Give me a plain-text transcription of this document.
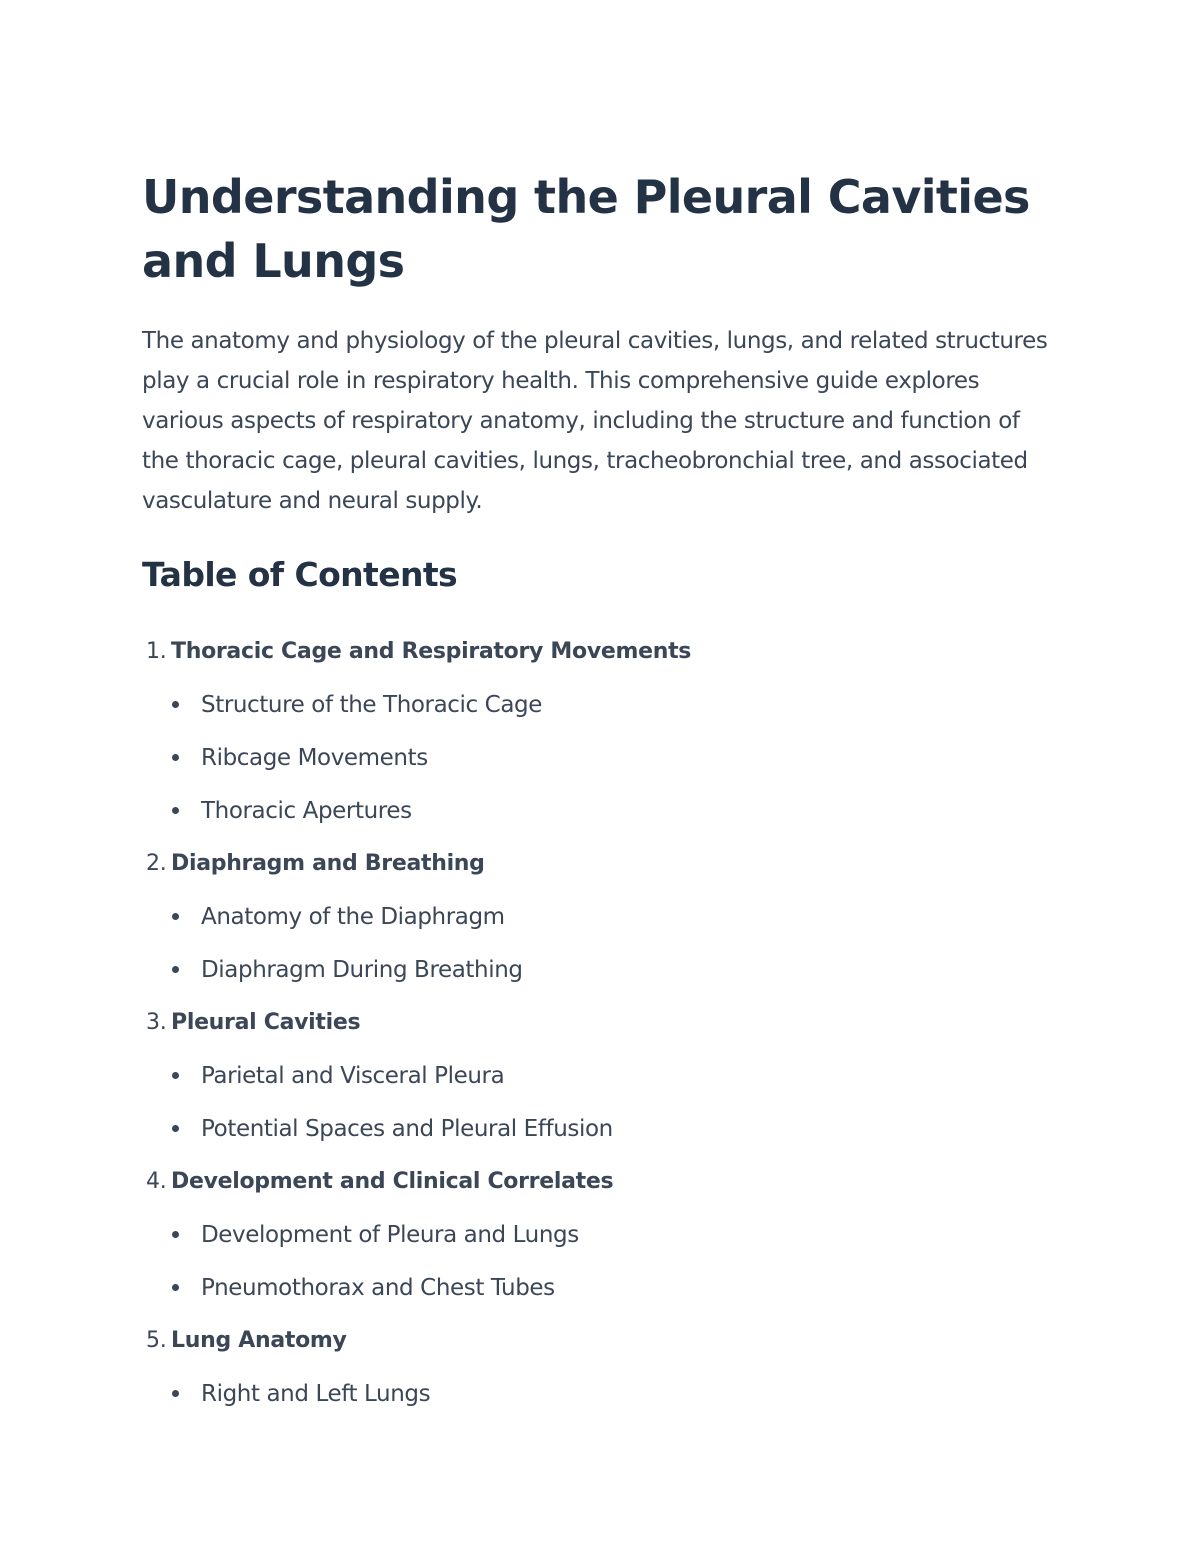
Understanding the Pleural Cavities and Lungs

The anatomy and physiology of the pleural cavities, lungs, and related structures play a crucial role in respiratory health. This comprehensive guide explores various aspects of respiratory anatomy, including the structure and function of the thoracic cage, pleural cavities, lungs, tracheobronchial tree, and associated vasculature and neural supply.

Table of Contents
1. Thoracic Cage and Respiratory Movements
Structure of the Thoracic Cage
Ribcage Movements
Thoracic Apertures
2. Diaphragm and Breathing
Anatomy of the Diaphragm
Diaphragm During Breathing
3. Pleural Cavities
Parietal and Visceral Pleura
Potential Spaces and Pleural Effusion
4. Development and Clinical Correlates
Development of Pleura and Lungs
Pneumothorax and Chest Tubes
5. Lung Anatomy
Right and Left Lungs
